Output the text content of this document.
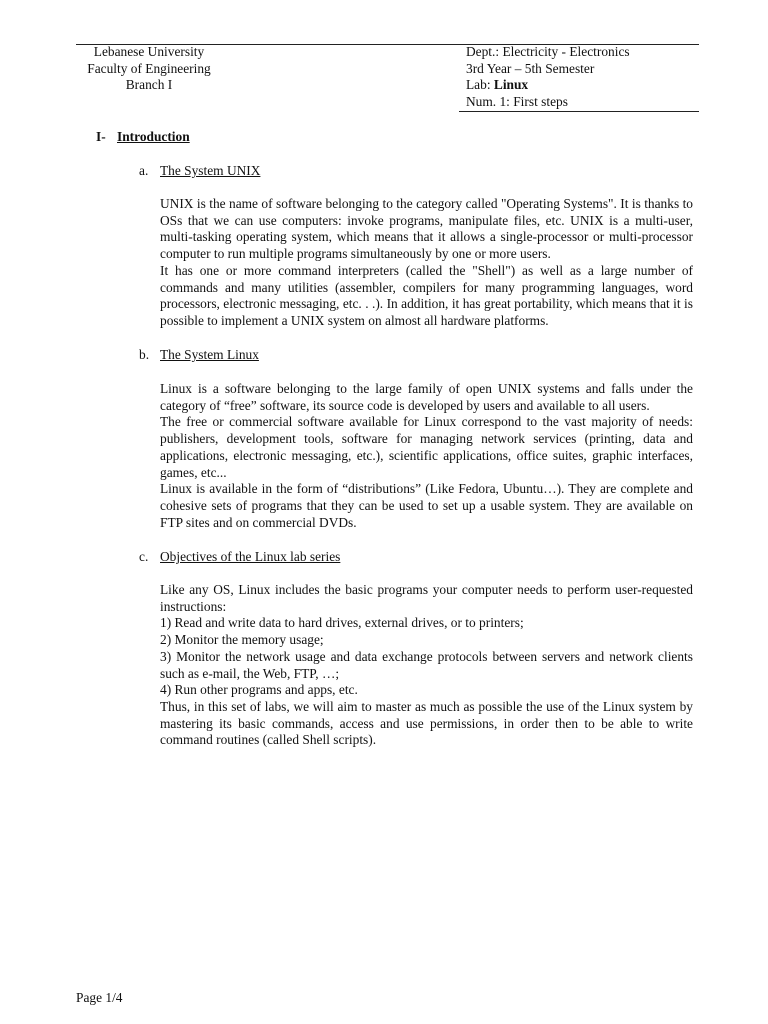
Lebanese University
Faculty of Engineering
Branch I
Dept.: Electricity - Electronics
3rd Year – 5th Semester
Lab: Linux
Num. 1: First steps
I- Introduction
a. The System UNIX

UNIX is the name of software belonging to the category called "Operating Systems". It is thanks to OSs that we can use computers: invoke programs, manipulate files, etc. UNIX is a multi-user, multi-tasking operating system, which means that it allows a single-processor or multi-processor computer to run multiple programs simultaneously by one or more users.

It has one or more command interpreters (called the "Shell") as well as a large number of commands and many utilities (assembler, compilers for many programming languages, word processors, electronic messaging, etc. . .). In addition, it has great portability, which means that it is possible to implement a UNIX system on almost all hardware platforms.

b. The System Linux

Linux is a software belonging to the large family of open UNIX systems and falls under the category of “free” software, its source code is developed by users and available to all users.

The free or commercial software available for Linux correspond to the vast majority of needs: publishers, development tools, software for managing network services (printing, data and applications, electronic messaging, etc.), scientific applications, office suites, graphic interfaces, games, etc...

Linux is available in the form of “distributions” (Like Fedora, Ubuntu…). They are complete and cohesive sets of programs that they can be used to set up a usable system. They are available on FTP sites and on commercial DVDs.

c. Objectives of the Linux lab series

Like any OS, Linux includes the basic programs your computer needs to perform user-requested instructions:

1) Read and write data to hard drives, external drives, or to printers;

2) Monitor the memory usage;

3) Monitor the network usage and data exchange protocols between servers and network clients such as e-mail, the Web, FTP, …;

4) Run other programs and apps, etc.

Thus, in this set of labs, we will aim to master as much as possible the use of the Linux system by mastering its basic commands, access and use permissions, in order then to be able to write command routines (called Shell scripts).

Page 1/4
